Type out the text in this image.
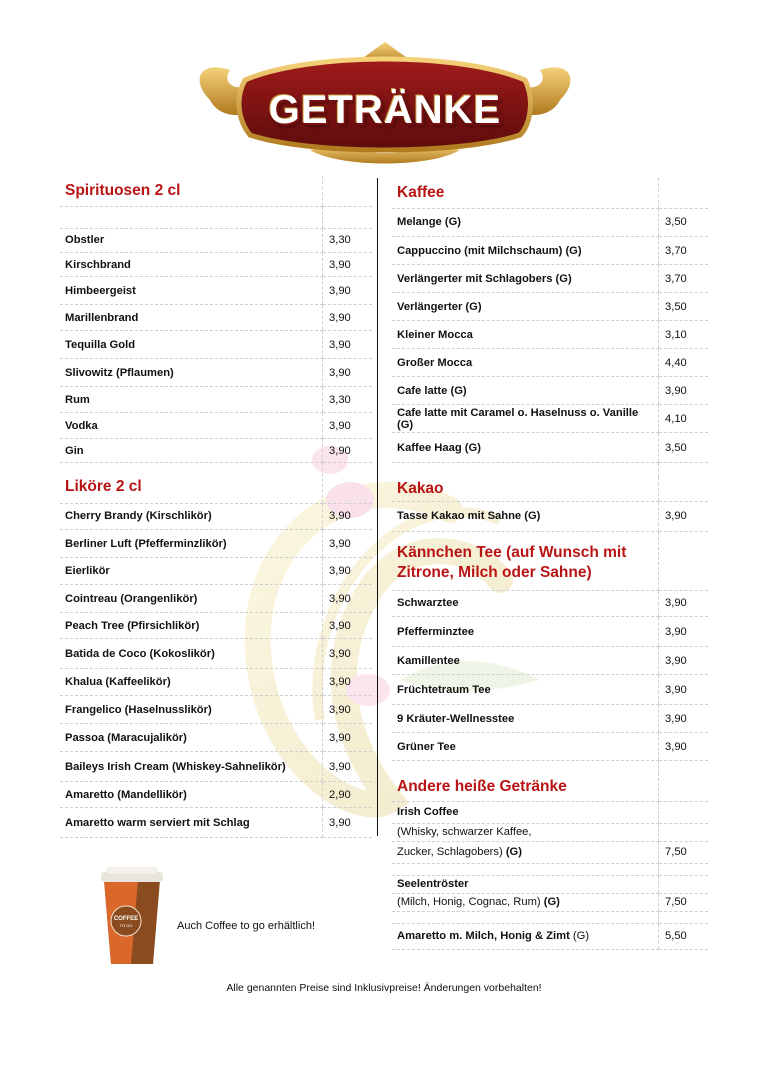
GETRÄNKE
Spirituosen 2 cl	

Obstler	3,30
Kirschbrand	3,90
Himbeergeist	3,90
Marillenbrand	3,90
Tequilla Gold	3,90
Slivowitz (Pflaumen)	3,90
Rum	3,30
Vodka	3,90
Gin	3,90
Liköre 2 cl	
Cherry Brandy (Kirschlikör)	3,90
Berliner Luft (Pfefferminzlikör)	3,90
Eierlikör	3,90
Cointreau (Orangenlikör)	3,90
Peach Tree (Pfirsichlikör)	3,90
Batida de Coco (Kokoslikör)	3,90
Khalua (Kaffeelikör)	3,90
Frangelico (Haselnusslikör)	3,90
Passoa (Maracujalikör)	3,90
Baileys Irish Cream (Whiskey-Sahnelikör)	3,90
Amaretto (Mandellikör)	2,90
Amaretto warm serviert mit Schlag	3,90
Kaffee	
Melange (G)	3,50
Cappuccino (mit Milchschaum) (G)	3,70
Verlängerter mit Schlagobers (G)	3,70
Verlängerter (G)	3,50
Kleiner Mocca	3,10
Großer Mocca	4,40
Cafe latte (G)	3,90
Cafe latte mit Caramel o. Haselnuss o. Vanille (G)	4,10
Kaffee Haag (G)	3,50

Kakao	
Tasse Kakao mit Sahne (G)	3,90
Kännchen Tee (auf Wunsch mit
Zitrone, Milch oder Sahne)	
Schwarztee	3,90
Pfefferminztee	3,90
Kamillentee	3,90
Früchtetraum Tee	3,90
9 Kräuter-Wellnesstee	3,90
Grüner Tee	3,90

Andere heiße Getränke	
Irish Coffee	
(Whisky, schwarzer Kaffee,	
Zucker, Schlagobers) (G)	7,50

Seelentröster	
(Milch, Honig, Cognac, Rum) (G)	7,50

Amaretto m. Milch, Honig & Zimt (G)	5,50
COFFEE
TO GO	Auch Coffee to go erhältlich!
Alle genannten Preise sind Inklusivpreise! Änderungen vorbehalten!
